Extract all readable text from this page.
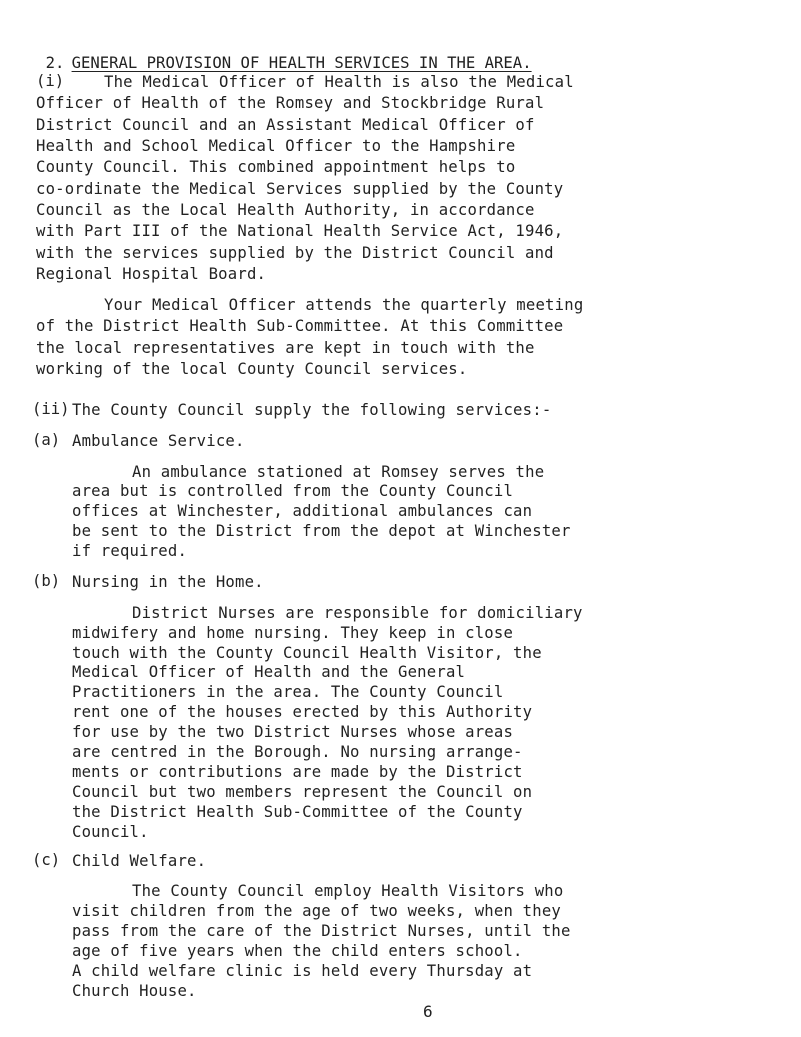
2. GENERAL PROVISION OF HEALTH SERVICES IN THE AREA.

(i)	The Medical Officer of Health is also the Medical
Officer of Health of the Romsey and Stockbridge Rural
District Council and an Assistant Medical Officer of
Health and School Medical Officer to the Hampshire
County Council. This combined appointment helps to
co-ordinate the Medical Services supplied by the County
Council as the Local Health Authority, in accordance
with Part III of the National Health Service Act, 1946,
with the services supplied by the District Council and
Regional Hospital Board.
Your Medical Officer attends the quarterly meeting
of the District Health Sub-Committee. At this Committee
the local representatives are kept in touch with the
working of the local County Council services.
(ii) The County Council supply the following services:-
(a) Ambulance Service.
An ambulance stationed at Romsey serves the
area but is controlled from the County Council
offices at Winchester, additional ambulances can
be sent to the District from the depot at Winchester
if required.
(b) Nursing in the Home.
District Nurses are responsible for domiciliary
midwifery and home nursing. They keep in close
touch with the County Council Health Visitor, the
Medical Officer of Health and the General
Practitioners in the area. The County Council
rent one of the houses erected by this Authority
for use by the two District Nurses whose areas
are centred in the Borough. No nursing arrange-
ments or contributions are made by the District
Council but two members represent the Council on
the District Health Sub-Committee of the County
Council.
(c) Child Welfare.
The County Council employ Health Visitors who
visit children from the age of two weeks, when they
pass from the care of the District Nurses, until the
age of five years when the child enters school.
A child welfare clinic is held every Thursday at
Church House.
6
